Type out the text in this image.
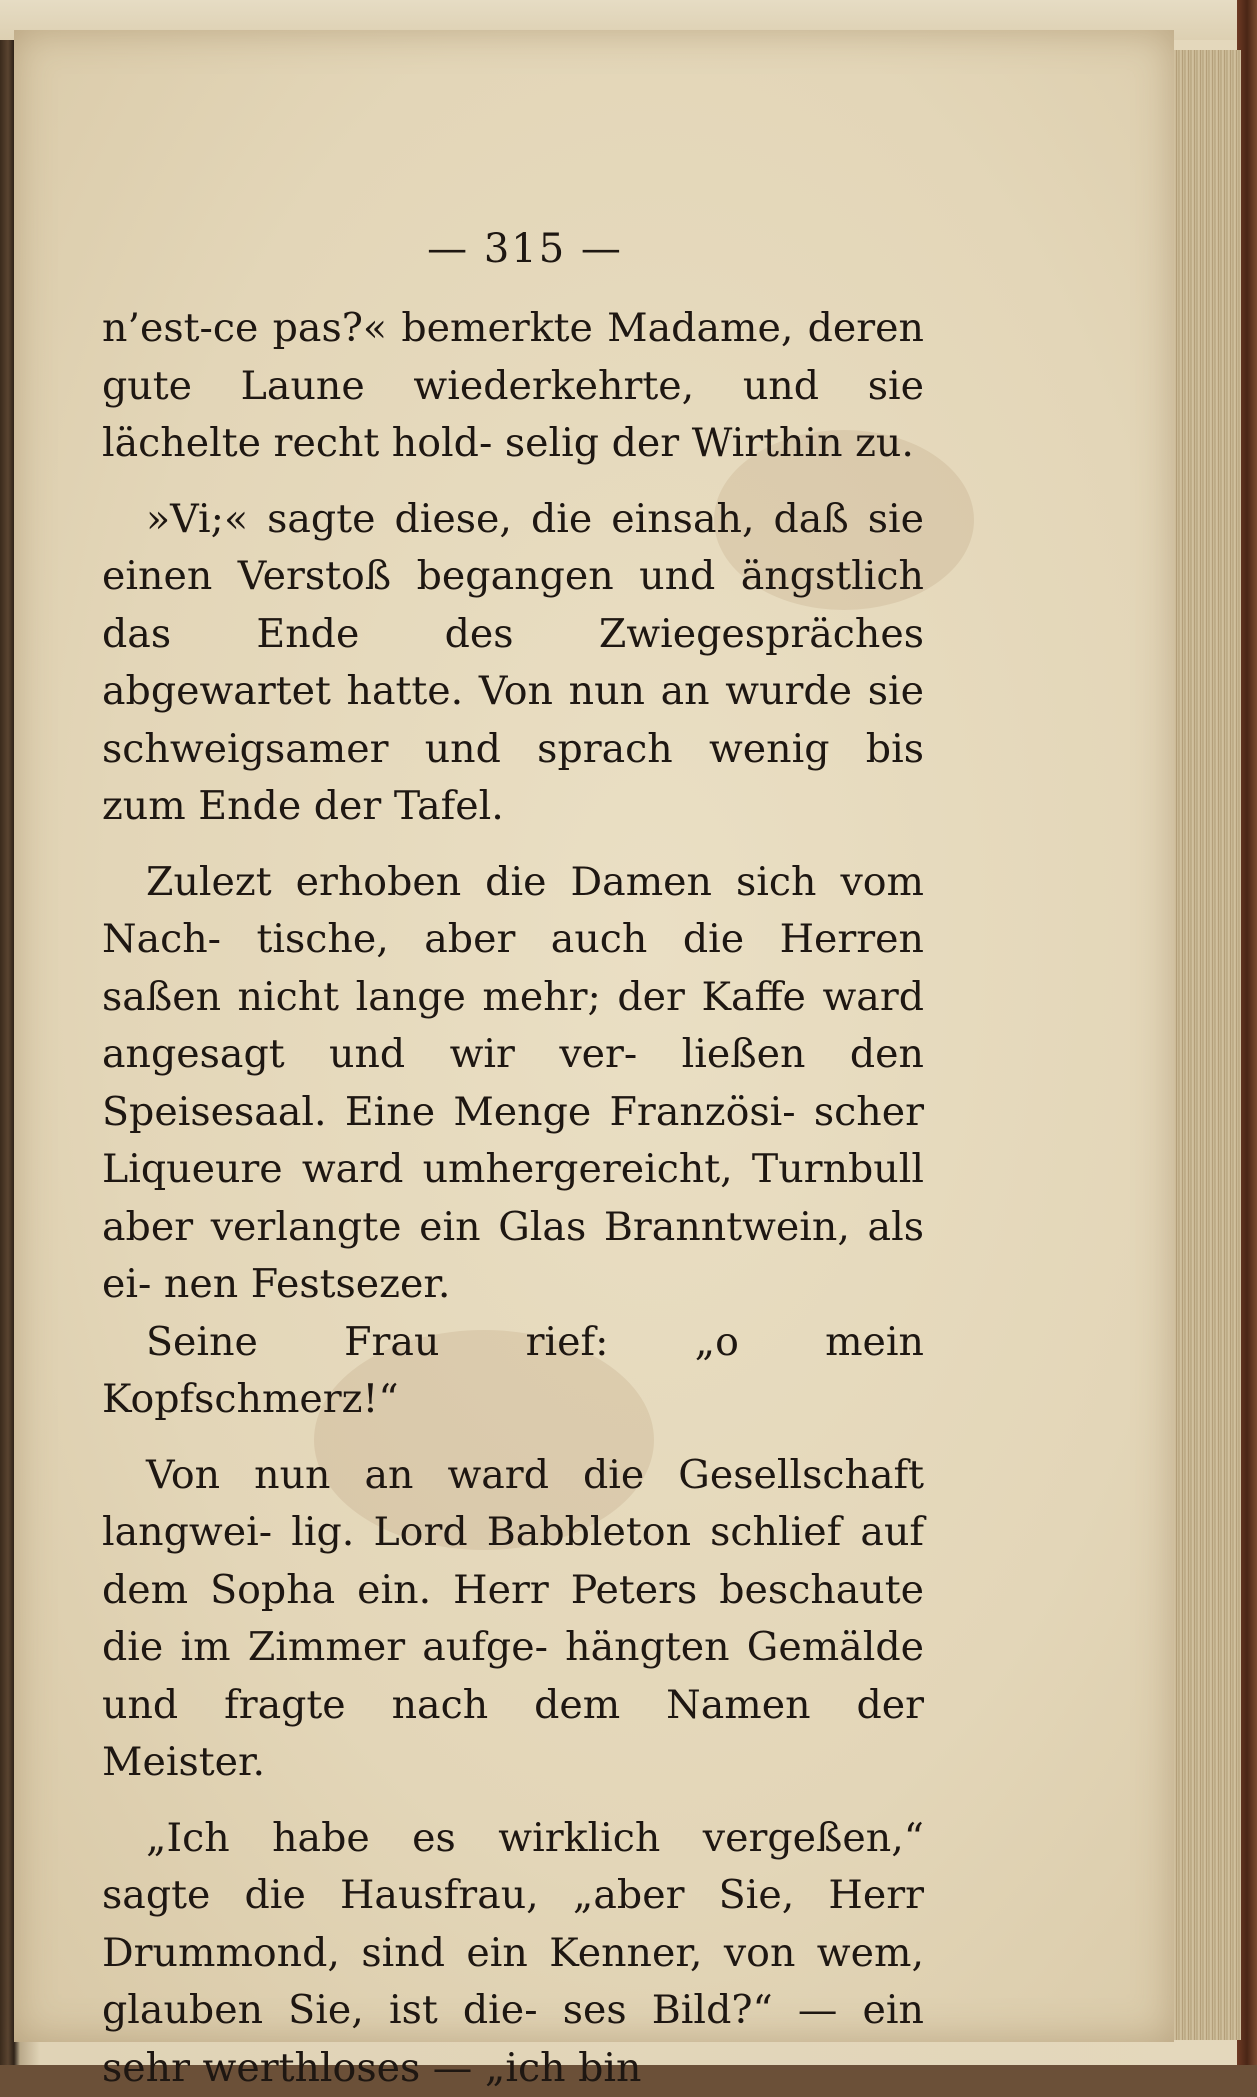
— 315 —

n’est-ce pas?« bemerkte Madame, deren gute Laune wiederkehrte, und sie lächelte recht hold- selig der Wirthin zu.

»Vi;« sagte diese, die einsah, daß sie einen Verstoß begangen und ängstlich das Ende des Zwiegespräches abgewartet hatte. Von nun an wurde sie schweigsamer und sprach wenig bis zum Ende der Tafel.

Zulezt erhoben die Damen sich vom Nach- tische, aber auch die Herren saßen nicht lange mehr; der Kaffe ward angesagt und wir ver- ließen den Speisesaal. Eine Menge Französi- scher Liqueure ward umhergereicht, Turnbull aber verlangte ein Glas Branntwein, als ei- nen Festsezer.

Seine Frau rief: „o mein Kopfschmerz!“

Von nun an ward die Gesellschaft langwei- lig. Lord Babbleton schlief auf dem Sopha ein. Herr Peters beschaute die im Zimmer aufge- hängten Gemälde und fragte nach dem Namen der Meister.

„Ich habe es wirklich vergeßen,“ sagte die Hausfrau, „aber Sie, Herr Drummond, sind ein Kenner, von wem, glauben Sie, ist die- ses Bild?“ — ein sehr werthloses — „ich bin
